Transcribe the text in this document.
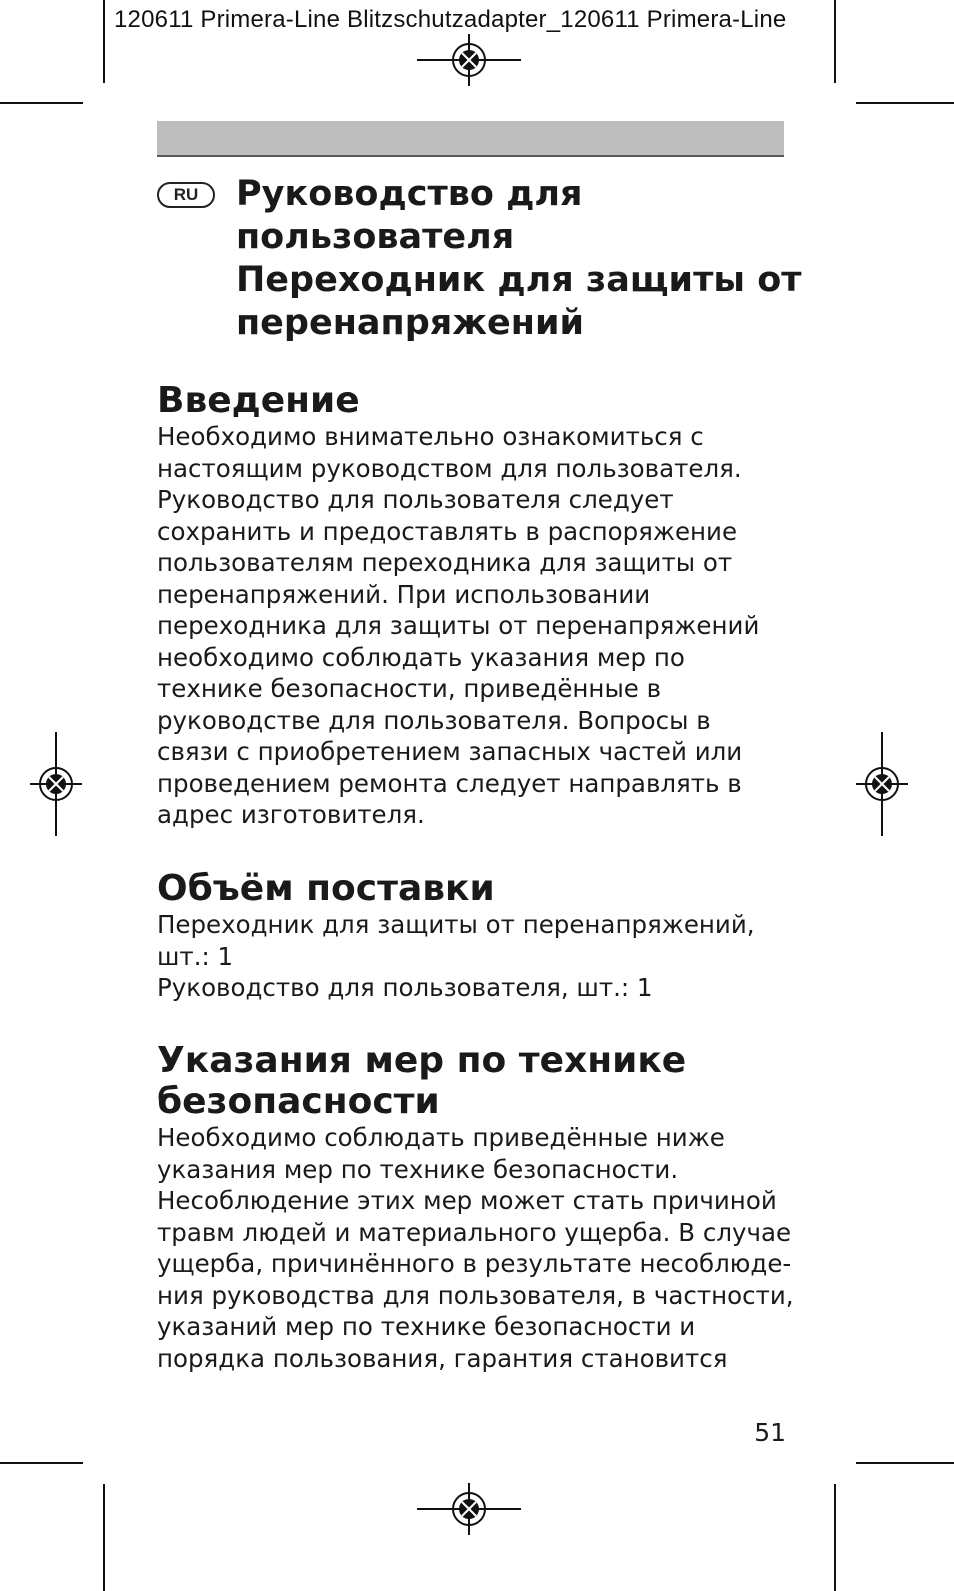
120611 Primera-Line Blitzschutzadapter_120611 Primera-Line
RU	Руководство для
пользователя
Переходник для защиты от
перенапряжений
Введение
Необходимо внимательно ознакомиться с
настоящим руководством для пользователя.
Руководство для пользователя следует
сохранить и предоставлять в распоряжение
пользователям переходника для защиты от
перенапряжений. При использовании
переходника для защиты от перенапряжений
необходимо соблюдать указания мер по
технике безопасности, приведённые в
руководстве для пользователя. Вопросы в
связи с приобретением запасных частей или
проведением ремонта следует направлять в
адрес изготовителя.
Объём поставки
Переходник для защиты от перенапряжений,
шт.: 1
Руководство для пользователя, шт.: 1
Указания мер по технике
безопасности
Необходимо соблюдать приведённые ниже
указания мер по технике безопасности.
Несоблюдение этих мер может стать причиной
травм людей и материального ущерба. В случае
ущерба, причинённого в результате несоблюде-
ния руководства для пользователя, в частности,
указаний мер по технике безопасности и
порядка пользования, гарантия становится
51
